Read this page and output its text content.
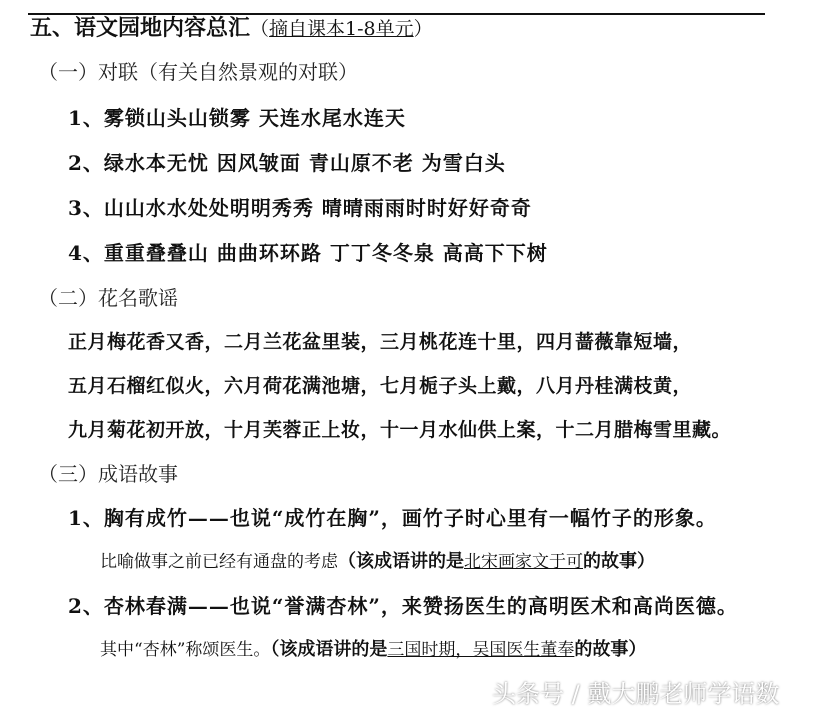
五、语文园地内容总汇（摘自课本1-8单元）
（一）对联（有关自然景观的对联）
1、雾锁山头山锁雾 天连水尾水连天
2、绿水本无忧 因风皱面 青山原不老 为雪白头
3、山山水水处处明明秀秀 晴晴雨雨时时好好奇奇
4、重重叠叠山 曲曲环环路 丁丁冬冬泉 高高下下树
（二）花名歌谣
正月梅花香又香，二月兰花盆里装，三月桃花连十里，四月蔷薇靠短墙，
五月石榴红似火，六月荷花满池塘，七月栀子头上戴，八月丹桂满枝黄，
九月菊花初开放，十月芙蓉正上妆，十一月水仙供上案，十二月腊梅雪里藏。
（三）成语故事
1、胸有成竹——也说“成竹在胸”，画竹子时心里有一幅竹子的形象。
比喻做事之前已经有通盘的考虑（该成语讲的是北宋画家文于可的故事）
2、杏林春满——也说“誉满杏林”，来赞扬医生的高明医术和高尚医德。
其中“杏林”称颂医生。（该成语讲的是三国时期，吴国医生董奉的故事）
头条号 / 戴大鹏老师学语数
